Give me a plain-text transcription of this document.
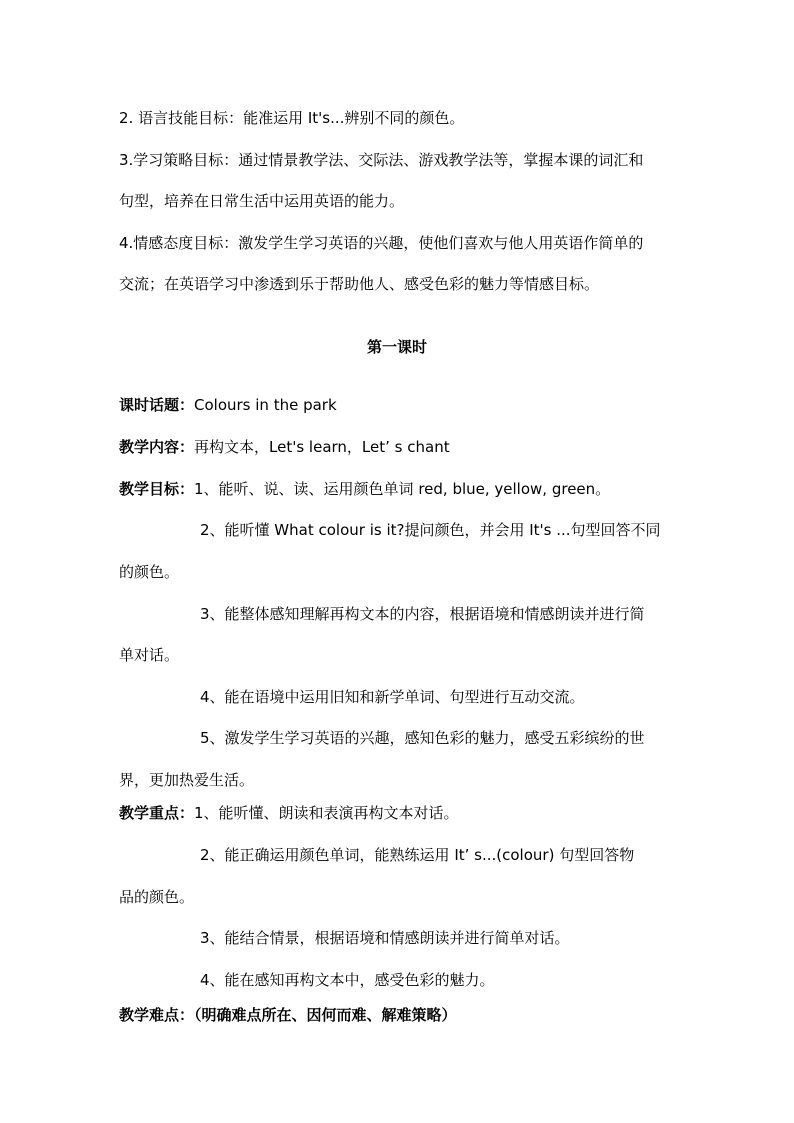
2. 语言技能目标：能准运用 It's...辨别不同的颜色。
3.学习策略目标：通过情景教学法、交际法、游戏教学法等，掌握本课的词汇和
句型，培养在日常生活中运用英语的能力。
4.情感态度目标：激发学生学习英语的兴趣，使他们喜欢与他人用英语作简单的
交流；在英语学习中渗透到乐于帮助他人、感受色彩的魅力等情感目标。
第一课时
课时话题：Colours in the park
教学内容：再构文本，Let's learn，Let’ s chant
教学目标：1、能听、说、读、运用颜色单词 red, blue, yellow, green。
2、能听懂 What colour is it?提问颜色，并会用 It's ...句型回答不同
的颜色。
3、能整体感知理解再构文本的内容，根据语境和情感朗读并进行简
单对话。
4、能在语境中运用旧知和新学单词、句型进行互动交流。
5、激发学生学习英语的兴趣，感知色彩的魅力，感受五彩缤纷的世
界，更加热爱生活。
教学重点：1、能听懂、朗读和表演再构文本对话。
2、能正确运用颜色单词，能熟练运用 It’ s...(colour) 句型回答物
品的颜色。
3、能结合情景，根据语境和情感朗读并进行简单对话。
4、能在感知再构文本中，感受色彩的魅力。
教学难点：（明确难点所在、因何而难、解难策略）
